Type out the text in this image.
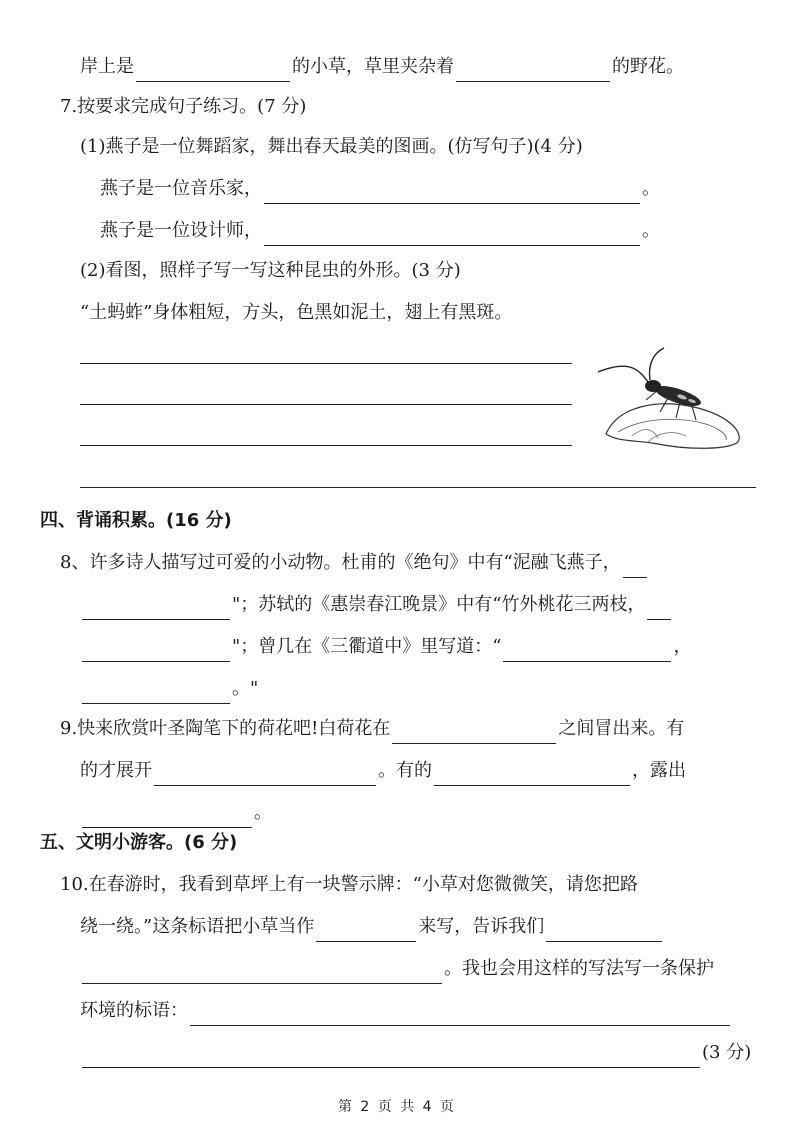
岸上是	的小草，草里夹杂着	的野花。
7.按要求完成句子练习。(7 分)
(1)燕子是一位舞蹈家，舞出春天最美的图画。(仿写句子)(4 分)
燕子是一位音乐家，	。
燕子是一位设计师，	。
(2)看图，照样子写一写这种昆虫的外形。(3 分)
“土蚂蚱”身体粗短，方头，色黑如泥土，翅上有黑斑。
四、背诵积累。(16 分)
8、许多诗人描写过可爱的小动物。杜甫的《绝句》中有“泥融飞燕子，
"；苏轼的《惠崇春江晚景》中有“竹外桃花三两枝，
"；曾几在《三衢道中》里写道：“	，
。"
9.快来欣赏叶圣陶笔下的荷花吧!白荷花在	之间冒出来。有
的才展开	。有的	，露出
。
五、文明小游客。(6 分)
10.在春游时，我看到草坪上有一块警示牌：“小草对您微微笑，请您把路
绕一绕。”这条标语把小草当作	来写，告诉我们
。我也会用这样的写法写一条保护
环境的标语：
(3 分)
第 2 页 共 4 页
